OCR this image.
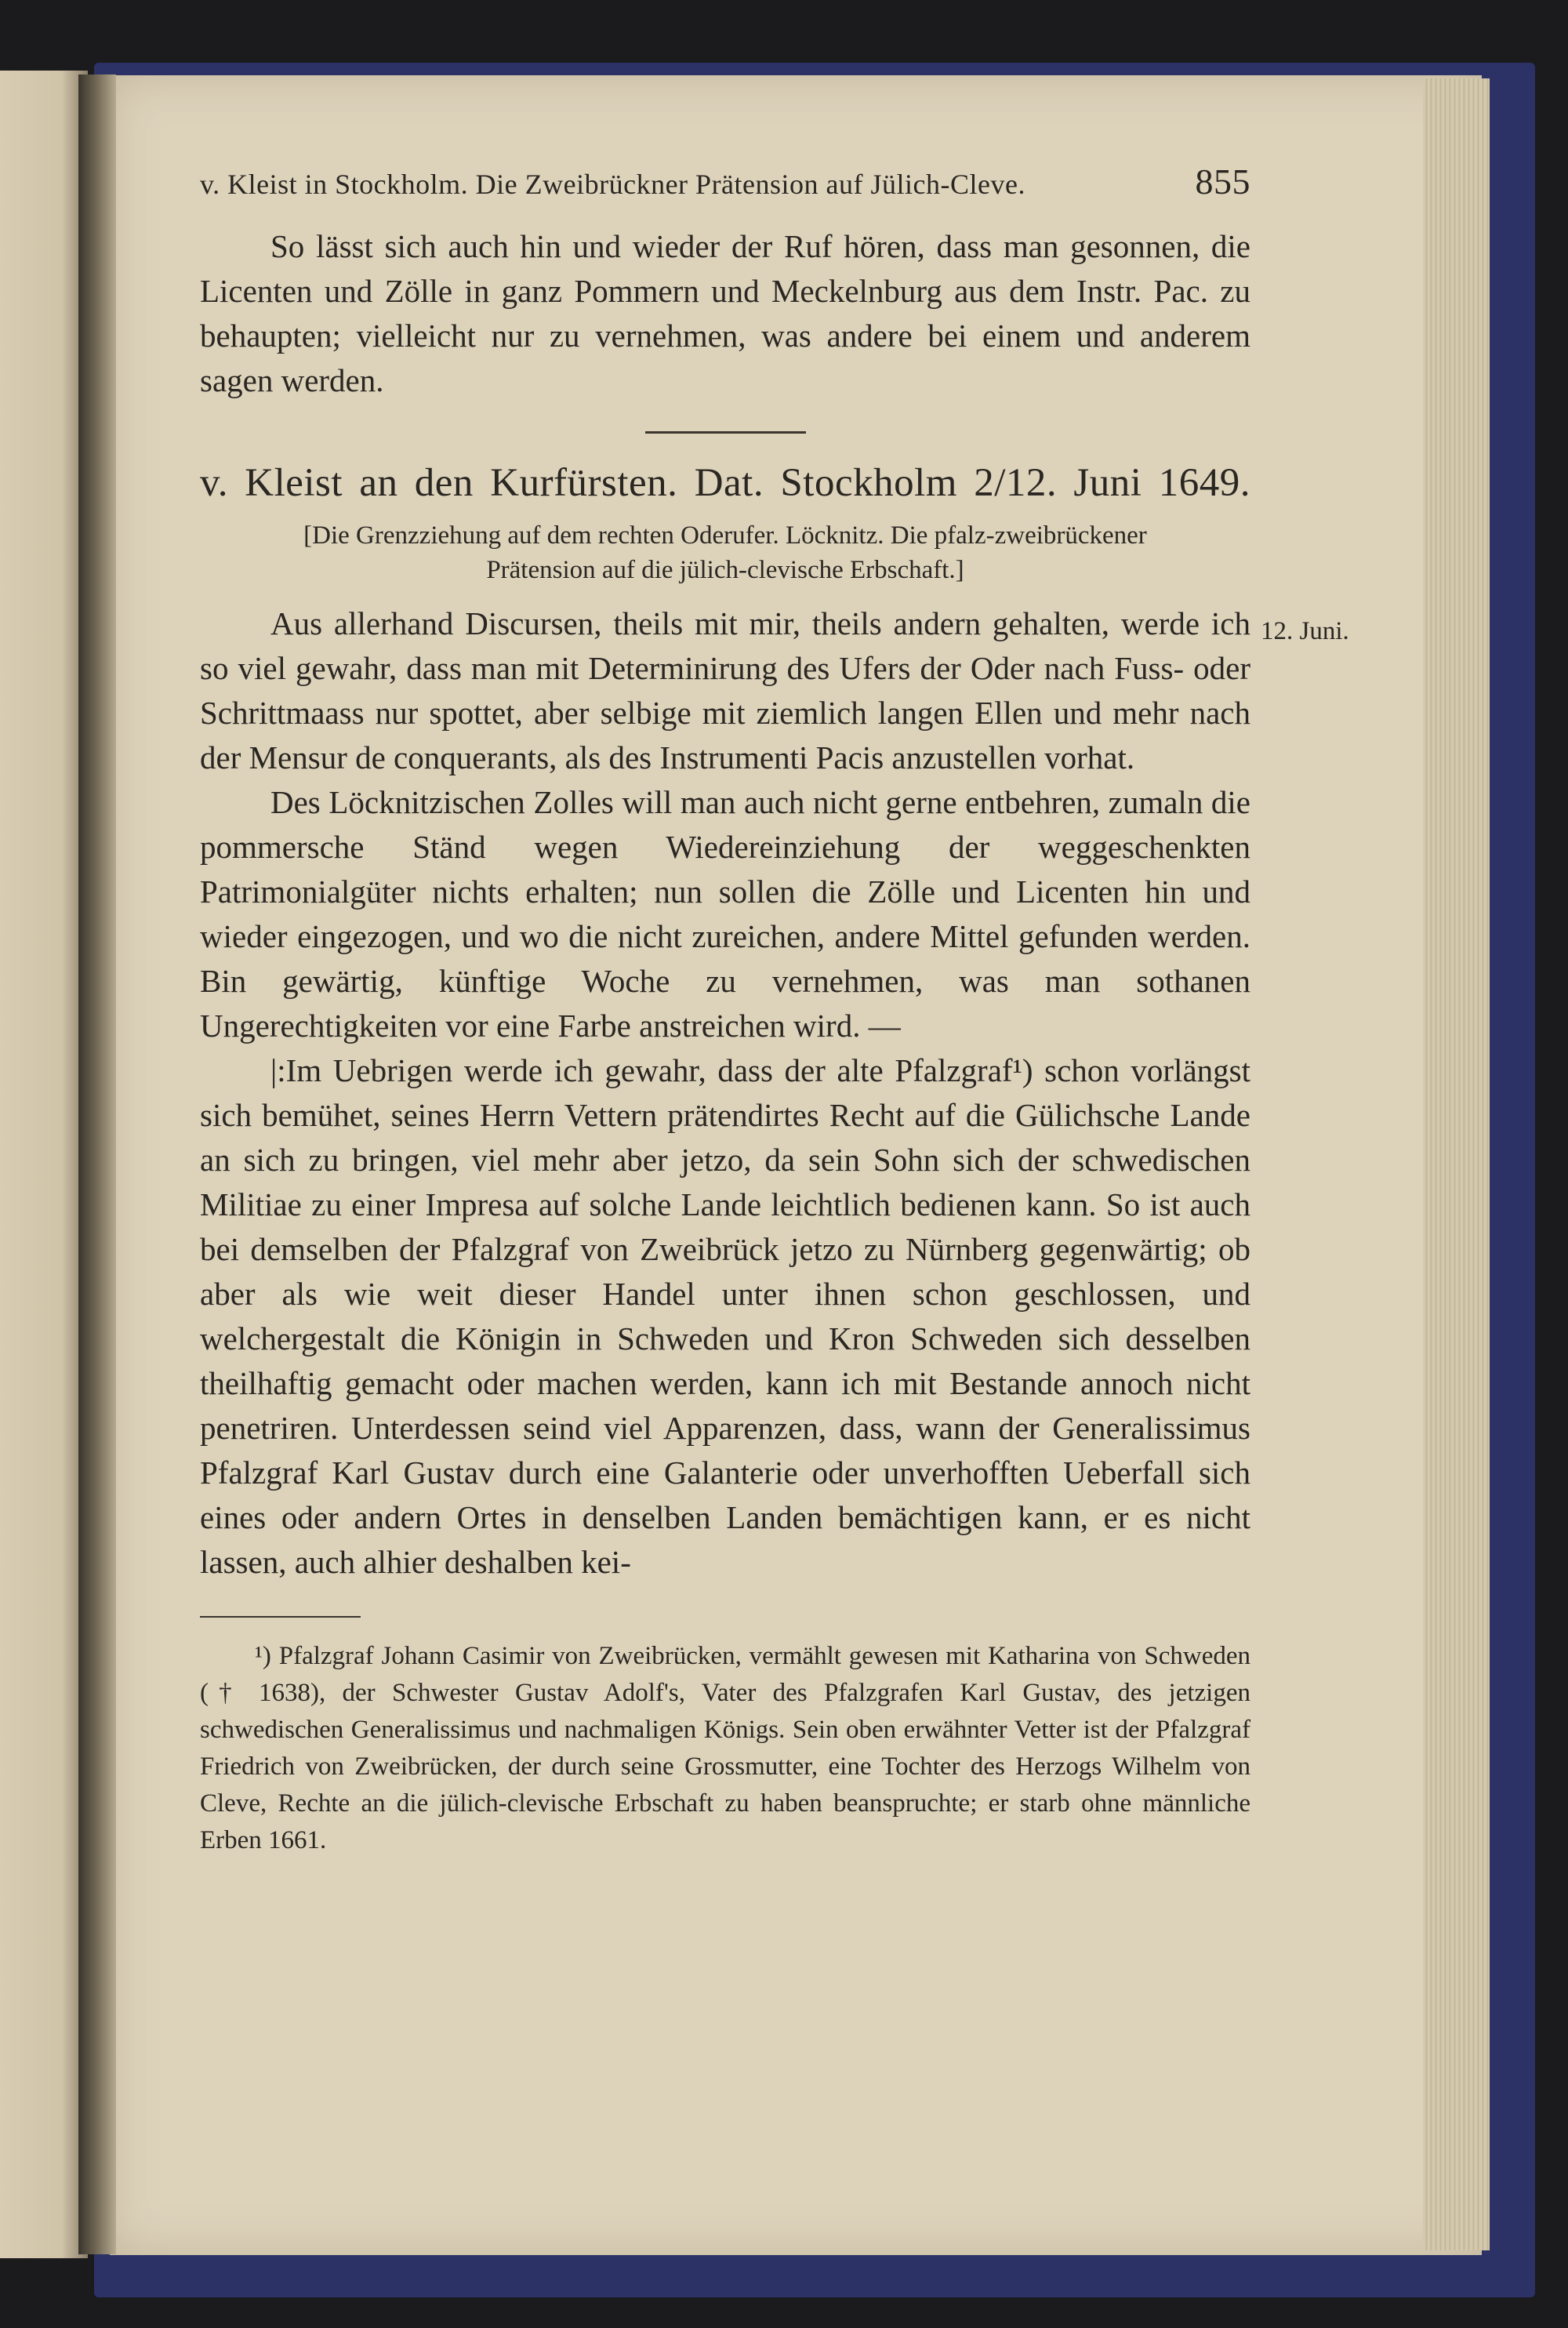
v. Kleist in Stockholm. Die Zweibrückner Prätension auf Jülich-Cleve.	855

So lässt sich auch hin und wieder der Ruf hören, dass man gesonnen, die Licenten und Zölle in ganz Pommern und Meckelnburg aus dem Instr. Pac. zu behaupten; vielleicht nur zu vernehmen, was andere bei einem und anderem sagen werden.

v. Kleist an den Kurfürsten. Dat. Stockholm 2/12. Juni 1649.
[Die Grenzziehung auf dem rechten Oderufer. Löcknitz. Die pfalz-zweibrückener
Prätension auf die jülich-clevische Erbschaft.]

Aus allerhand Discursen, theils mit mir, theils andern gehalten, werde ich so viel gewahr, dass man mit Determinirung des Ufers der Oder nach Fuss- oder Schrittmaass nur spottet, aber selbige mit ziemlich langen Ellen und mehr nach der Mensur de conquerants, als des Instrumenti Pacis anzustellen vorhat.

Des Löcknitzischen Zolles will man auch nicht gerne entbehren, zumaln die pommersche Ständ wegen Wiedereinziehung der weggeschenkten Patrimonialgüter nichts erhalten; nun sollen die Zölle und Licenten hin und wieder eingezogen, und wo die nicht zureichen, andere Mittel gefunden werden. Bin gewärtig, künftige Woche zu vernehmen, was man sothanen Ungerechtigkeiten vor eine Farbe anstreichen wird. —

|:Im Uebrigen werde ich gewahr, dass der alte Pfalzgraf¹) schon vorlängst sich bemühet, seines Herrn Vettern prätendirtes Recht auf die Gülichsche Lande an sich zu bringen, viel mehr aber jetzo, da sein Sohn sich der schwedischen Militiae zu einer Impresa auf solche Lande leichtlich bedienen kann. So ist auch bei demselben der Pfalzgraf von Zweibrück jetzo zu Nürnberg gegenwärtig; ob aber als wie weit dieser Handel unter ihnen schon geschlossen, und welchergestalt die Königin in Schweden und Kron Schweden sich desselben theilhaftig gemacht oder machen werden, kann ich mit Bestande annoch nicht penetriren. Unterdessen seind viel Apparenzen, dass, wann der Generalissimus Pfalzgraf Karl Gustav durch eine Galanterie oder unverhofften Ueberfall sich eines oder andern Ortes in denselben Landen bemächtigen kann, er es nicht lassen, auch alhier deshalben kei-

¹) Pfalzgraf Johann Casimir von Zweibrücken, vermählt gewesen mit Katharina von Schweden († 1638), der Schwester Gustav Adolf's, Vater des Pfalzgrafen Karl Gustav, des jetzigen schwedischen Generalissimus und nachmaligen Königs. Sein oben erwähnter Vetter ist der Pfalzgraf Friedrich von Zweibrücken, der durch seine Grossmutter, eine Tochter des Herzogs Wilhelm von Cleve, Rechte an die jülich-clevische Erbschaft zu haben beanspruchte; er starb ohne männliche Erben 1661.

12. Juni.
